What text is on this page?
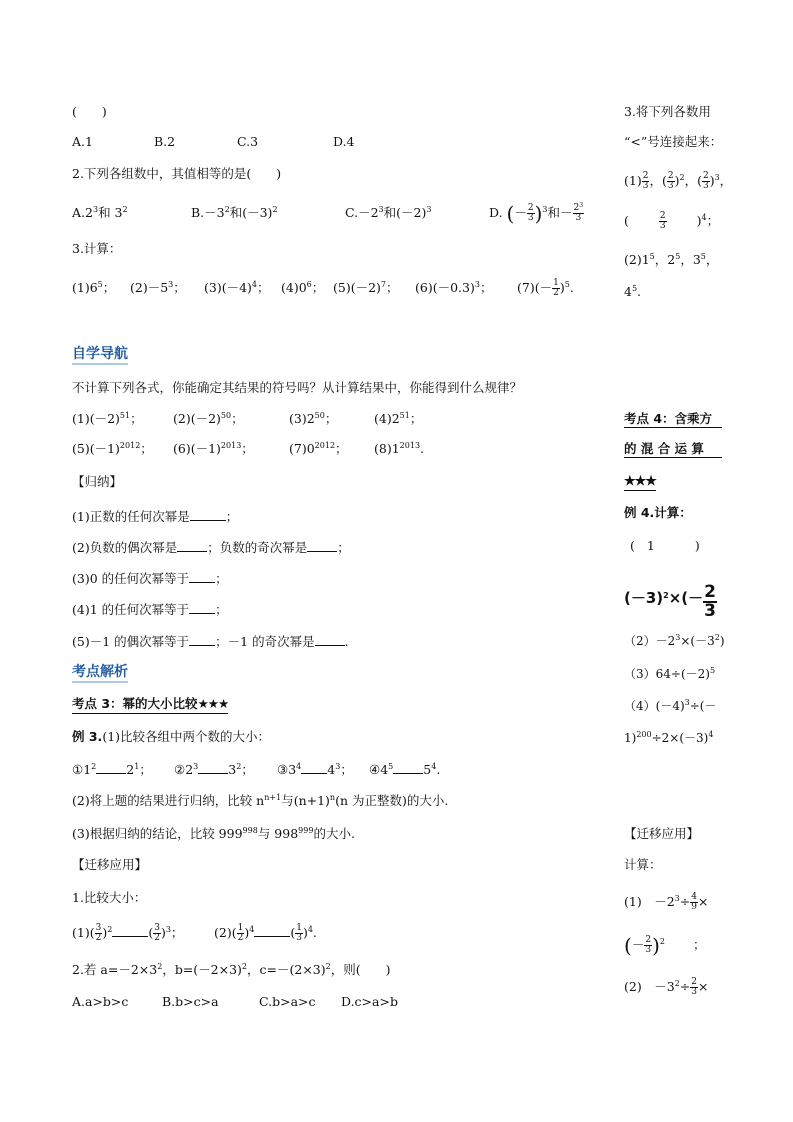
(　　)
A.1	B.2	C.3	D.4
2.下列各组数中，其值相等的是(　　)
$A.2^3$和 $3^2$	$B.-3^2$和$(-3)^2$	$C.-2^3$和$(-2)^3$	D. (－ $\frac{2}{3} )^3$和－ $\frac{2^3}{3}$
3.计算：
$(1)6^5$； $(2)-5^3$； $(3)(-4)^4$； $(4)0^6$； $(5)(-2)^7$； $(6)(-0.3)^3$； $(7)(- \frac{1}{2} )^5$.
自学导航
不计算下列各式，你能确定其结果的符号吗？从计算结果中，你能得到什么规律？
$(1)(-2)^{51}$； $(2)(-2)^{50}$；	$(3)2^{50}$；	$(4)2^{51}$；
$(5)(-1)^{2012}$； $(6)(-1)^{2013}$；	$(7)0^{2012}$； $(8)1^{2013}$.
【归纳】
(1)正数的任何次幂是	；
(2)负数的偶次幂是 ；负数的奇次幂是 ；
(3)0 的任何次幂等于 ；
(4)1 的任何次幂等于 ；
(5)－1 的偶次幂等于 ；－1 的奇次幂是 .
考点解析
考点 3：幂的大小比较★★★
例 3.(1)比较各组中两个数的大小：
$①1^2$ $2^1$； $②2^3$ $3^2$； $③3^4$ $4^3$； $④4^5$ $5^4$.
(2)将上题的结果进行归纳，比较 $n^{n+1}$与$(n+1)^n(n$ 为正整数)的大小.
(3)根据归纳的结论，比较 $999^{998}$与 $998^{999}$的大小.
【迁移应用】
1.比较大小：
$(1)( \frac{3}{2} )^2$	( $\frac{3}{2} )^3$； $(2)( \frac{1}{2} )^4$	( $\frac{1}{3} )^4$.
2.若 $a=-2\times 3^2$，$b=(-2\times 3)^2$，$c=-(2\times 3)^2$，则(　　)
A.a>b>c	B.b>c>a	C.b>a>c D.c>a>b
3.将下列各数用
“<”号连接起来：
$(1) \frac{2}{3}$ ，( $\frac{2}{3} )^2$，( $\frac{2}{3} )^3$，
(	$\frac{2}{3} )^4$；
$(2)1^5$，$2^5$，$3^5$，
$4^5$.
考点 4：含乘方
的 混 合 运 算
★★★
例 4.计算：
( 1	)
$(-3)^2\times(- \frac{2}{3}$
$(2)-2^3\times(-3^2)$
$(3)64\div(-2)^5$
$(4)(-4)^3\div(-$
$1)^{200}\div 2\times(-3)^4$
【迁移应用】
计算：
(1)　$-2^3\div \frac{4}{9}$ ×
(－ $\frac{2}{3} )^2$ ；
(2)　$-3^2\div \frac{2}{3}$ ×
